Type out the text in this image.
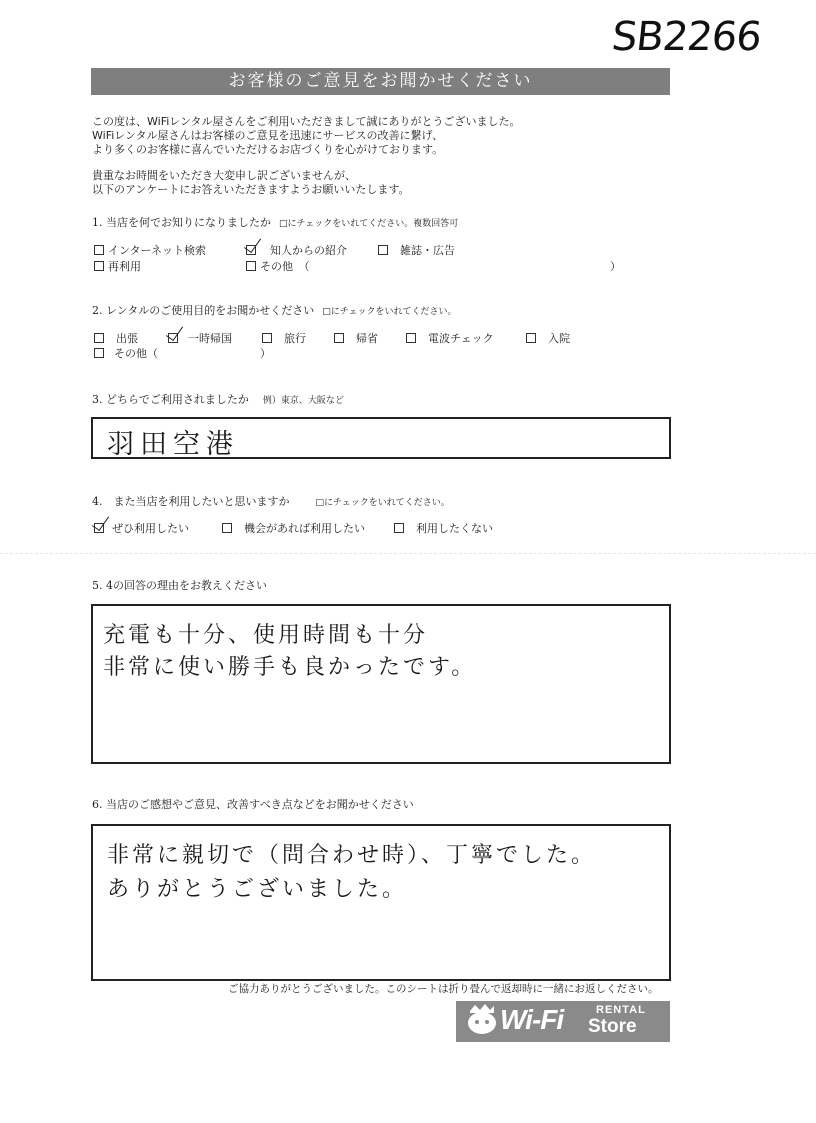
SB2266
お客様のご意見をお聞かせください

この度は、WiFiレンタル屋さんをご利用いただきまして誠にありがとうございました。
WiFiレンタル屋さんはお客様のご意見を迅速にサービスの改善に繋げ、
より多くのお客様に喜んでいただけるお店づくりを心がけております。

貴重なお時間をいただき大変申し訳ございませんが、
以下のアンケートにお答えいただきますようお願いいたします。

1. 当店を何でお知りになりましたか □にチェックをいれてください。複数回答可
インターネット検索	知人からの紹介	雑誌・広告
再利用	その他　（	）
2. レンタルのご使用目的をお聞かせください □にチェックをいれてください。
出張	一時帰国	旅行	帰省	電波チェック	入院
その他（	）
3. どちらでご利用されましたか 例）東京、大阪など
羽田空港
4.　また当店を利用したいと思いますか	□にチェックをいれてください。
ぜひ利用したい	機会があれば利用したい	利用したくない
5. 4の回答の理由をお教えください
充電も十分、使用時間も十分
非常に使い勝手も良かったです。
6. 当店のご感想やご意見、改善すべき点などをお聞かせください
非常に親切で（問合わせ時）、丁寧でした。
ありがとうございました。
ご協力ありがとうございました。このシートは折り畳んで返却時に一緒にお返しください。
Wi-Fi	RENTAL
Store
